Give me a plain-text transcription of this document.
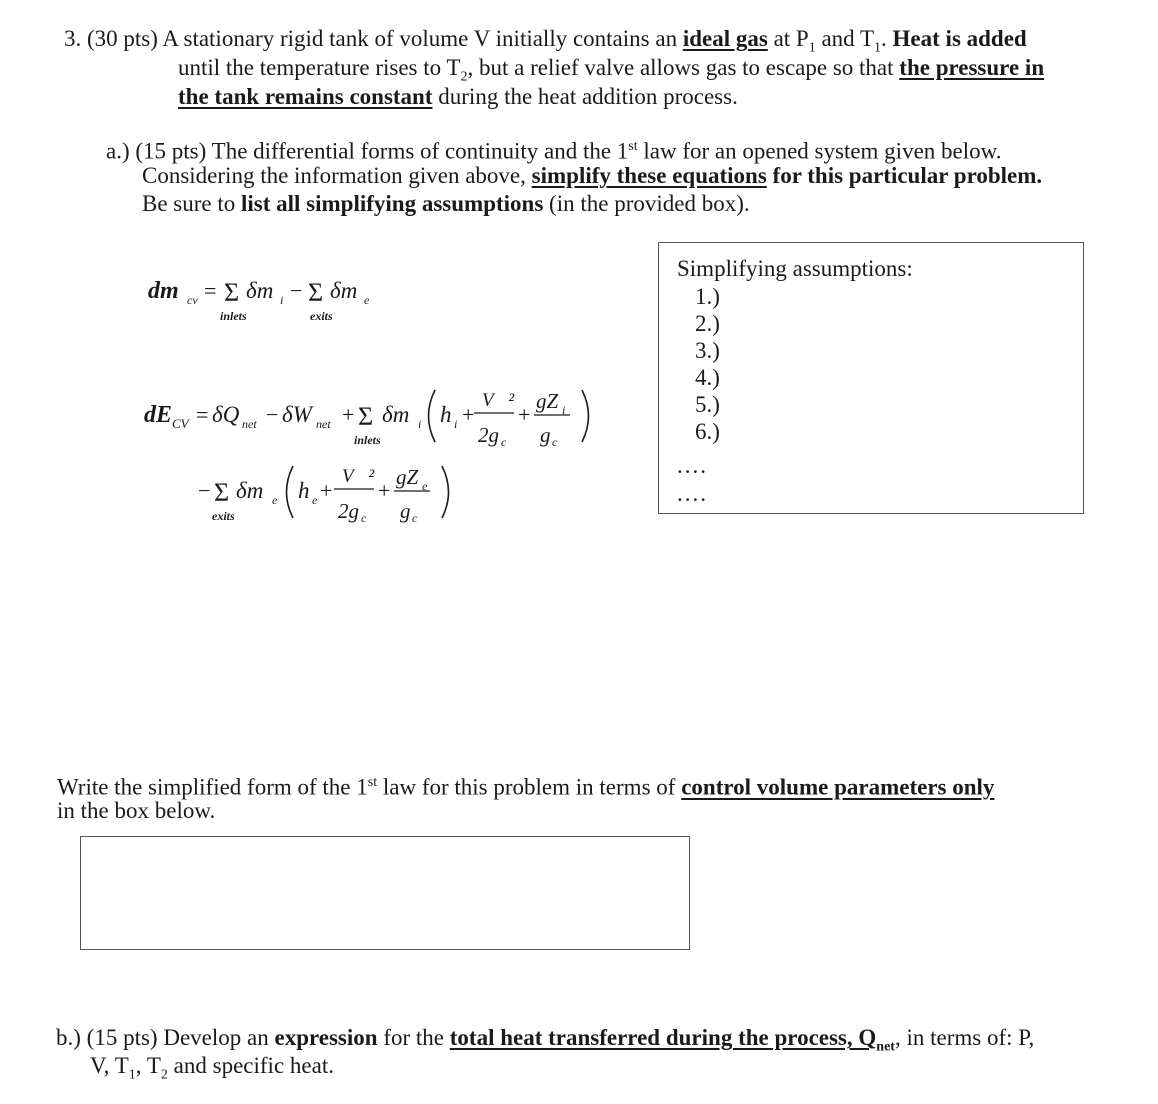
3. (30 pts) A stationary rigid tank of volume V initially contains an ideal gas at $P_1$ and $T_1$. Heat is added
until the temperature rises to $T_2$, but a relief valve allows gas to escape so that the pressure in
the tank remains constant during the heat addition process.
a.) (15 pts) The differential forms of continuity and the 1st law for an opened system given below.
Considering the information given above, simplify these equations for this particular problem.
Be sure to list all simplifying assumptions (in the provided box).
dm cv = Σ δm i
inlets
− Σ δm e
exits
dE CV = δQ net − δW net + Σ
inlets
δm i h i +
V⃗²
2g c
+
gZ i
g c
− Σ
exits
δm e h e +
V⃗²
2g c
+
gZ e
g c
Simplifying assumptions:
1.)
2.)
3.)
4.)
5.)
6.)
....
....
Write the simplified form of the 1st law for this problem in terms of control volume parameters only
in the box below.
b.) (15 pts) Develop an expression for the total heat transferred during the process, $Q_{net}$, in terms of: P,
V, $T_1$, $T_2$ and specific heat.
